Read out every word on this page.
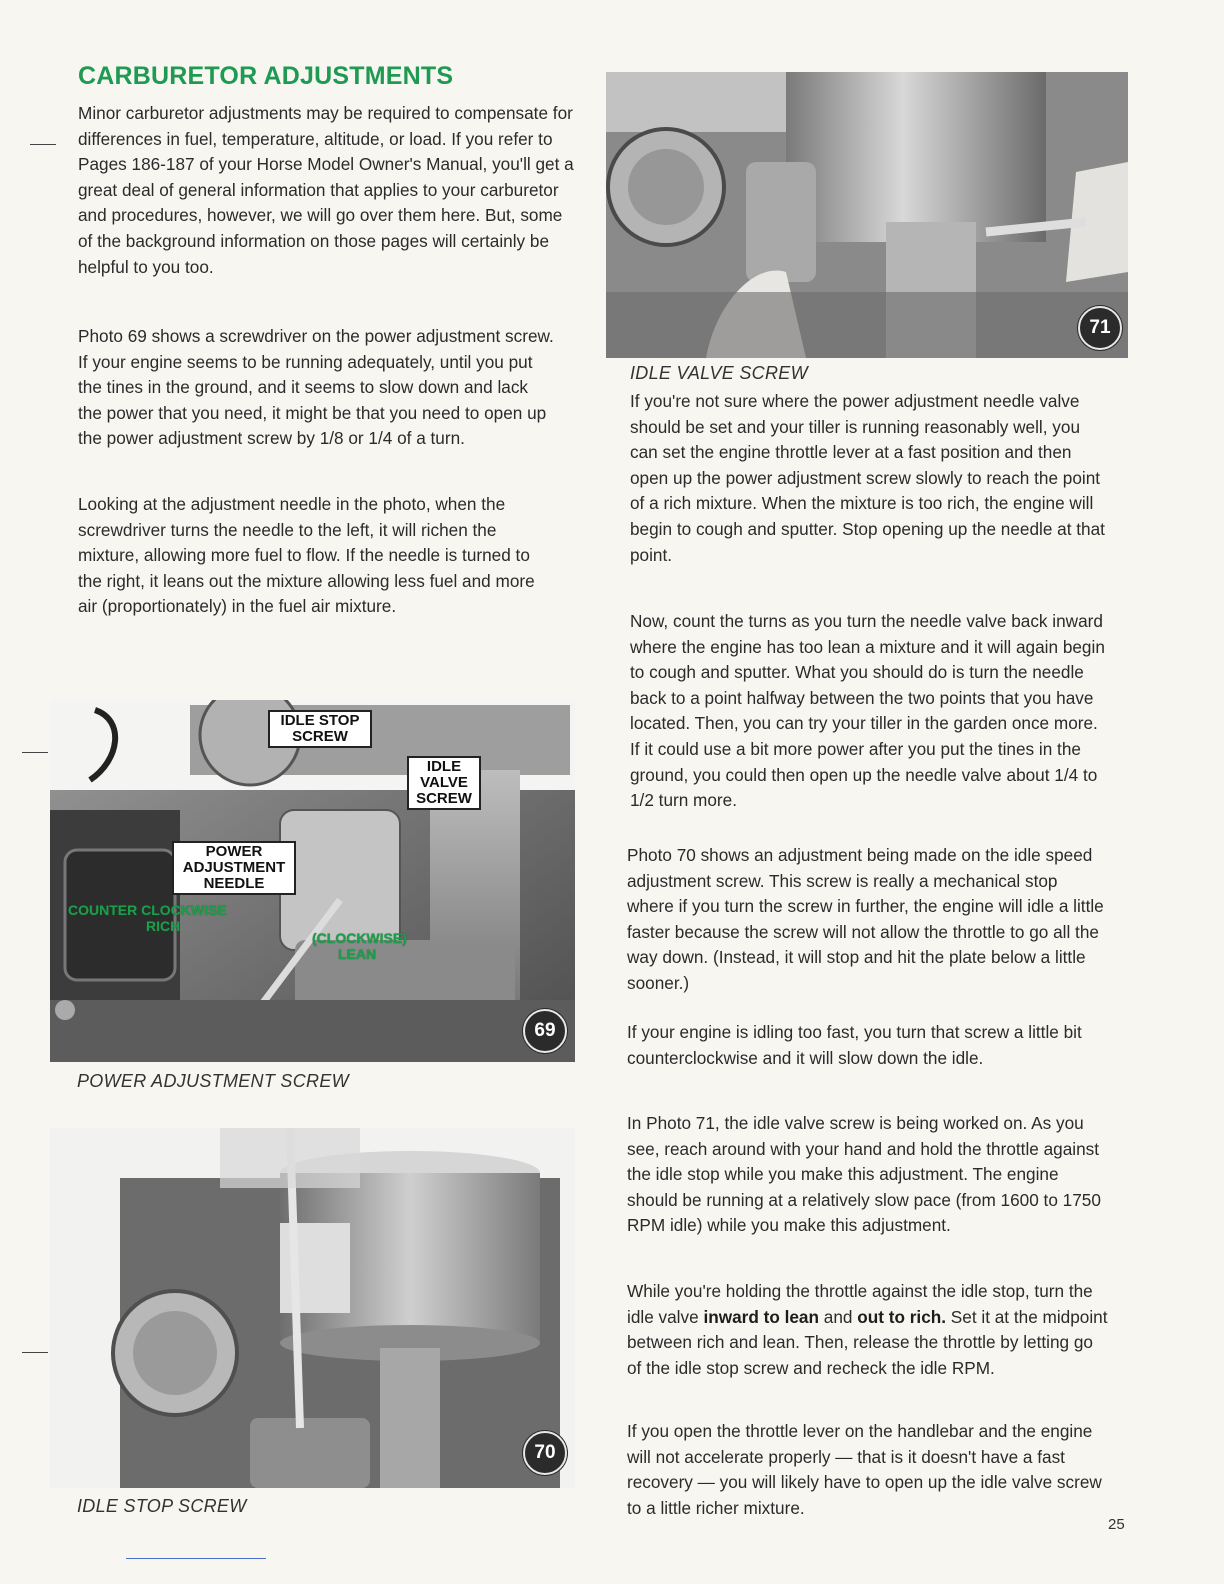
CARBURETOR ADJUSTMENTS

Minor carburetor adjustments may be required to compensate for differences in fuel, temperature, altitude, or load. If you refer to Pages 186-187 of your Horse Model Owner's Manual, you'll get a great deal of general information that applies to your carburetor and procedures, however, we will go over them here. But, some of the background information on those pages will certainly be helpful to you too.

Photo 69 shows a screwdriver on the power adjustment screw. If your engine seems to be running adequately, until you put the tines in the ground, and it seems to slow down and lack the power that you need, it might be that you need to open up the power adjustment screw by 1/8 or 1/4 of a turn.

Looking at the adjustment needle in the photo, when the screwdriver turns the needle to the left, it will richen the mixture, allowing more fuel to flow. If the needle is turned to the right, it leans out the mixture allowing less fuel and more air (proportionately) in the fuel air mixture.

IDLE STOP SCREW
IDLE VALVE SCREW
POWER ADJUSTMENT NEEDLE
COUNTER CLOCKWISE
RICH
(CLOCKWISE)
LEAN
69
POWER ADJUSTMENT SCREW
70
IDLE STOP SCREW
71
IDLE VALVE SCREW

If you're not sure where the power adjustment needle valve should be set and your tiller is running reasonably well, you can set the engine throttle lever at a fast position and then open up the power adjustment screw slowly to reach the point of a rich mixture. When the mixture is too rich, the engine will begin to cough and sputter. Stop opening up the needle at that point.

Now, count the turns as you turn the needle valve back inward where the engine has too lean a mixture and it will again begin to cough and sputter. What you should do is turn the needle back to a point halfway between the two points that you have located. Then, you can try your tiller in the garden once more. If it could use a bit more power after you put the tines in the ground, you could then open up the needle valve about 1/4 to 1/2 turn more.

Photo 70 shows an adjustment being made on the idle speed adjustment screw. This screw is really a mechanical stop where if you turn the screw in further, the engine will idle a little faster because the screw will not allow the throttle to go all the way down. (Instead, it will stop and hit the plate below a little sooner.)

If your engine is idling too fast, you turn that screw a little bit counterclockwise and it will slow down the idle.

In Photo 71, the idle valve screw is being worked on. As you see, reach around with your hand and hold the throttle against the idle stop while you make this adjustment. The engine should be running at a relatively slow pace (from 1600 to 1750 RPM idle) while you make this adjustment.

While you're holding the throttle against the idle stop, turn the idle valve inward to lean and out to rich. Set it at the midpoint between rich and lean. Then, release the throttle by letting go of the idle stop screw and recheck the idle RPM.

If you open the throttle lever on the handlebar and the engine will not accelerate properly — that is it doesn't have a fast recovery — you will likely have to open up the idle valve screw to a little richer mixture.

25
